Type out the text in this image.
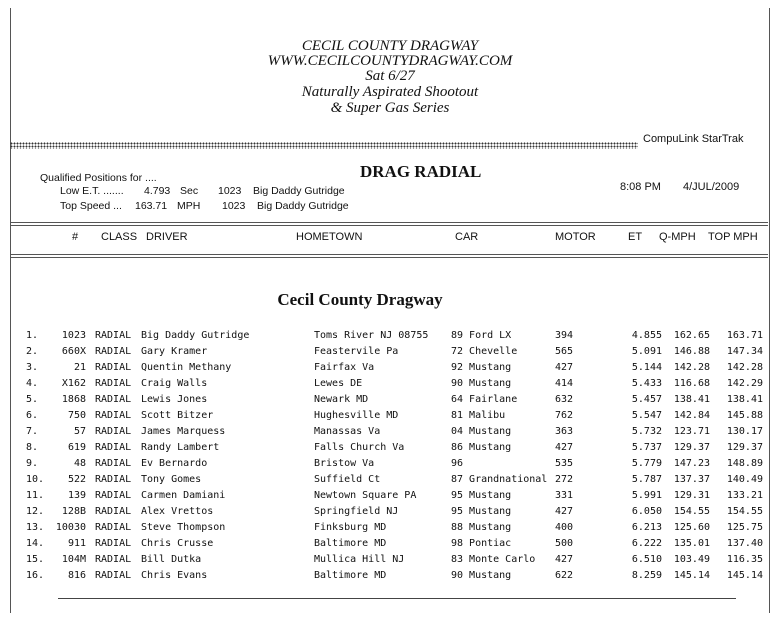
CECIL COUNTY DRAGWAY
WWW.CECILCOUNTYDRAGWAY.COM
Sat 6/27
Naturally Aspirated Shootout
& Super Gas Series
CompuLink StarTrak
Qualified Positions for ....
Low E.T. ....... 4.793 Sec 1023 Big Daddy Gutridge
Top Speed ... 163.71 MPH 1023 Big Daddy Gutridge
DRAG RADIAL
8:08 PM 4/JUL/2009
# CLASS DRIVER	HOMETOWN	CAR	MOTOR	ET Q-MPH TOP MPH
Cecil County Dragway
1.	1023 RADIAL Big Daddy Gutridge	Toms River NJ 08755 89 Ford LX	394	4.855	162.65	163.71
2.	660X RADIAL Gary Kramer	Feastervile Pa	72 Chevelle	565	5.091	146.88	147.34
3.	21 RADIAL Quentin Methany	Fairfax Va	92 Mustang	427	5.144	142.28	142.28
4.	X162 RADIAL Craig Walls	Lewes DE	90 Mustang	414	5.433	116.68	142.29
5.	1868 RADIAL Lewis Jones	Newark MD	64 Fairlane	632	5.457	138.41	138.41
6.	750 RADIAL Scott Bitzer	Hughesville MD	81 Malibu	762	5.547	142.84	145.88
7.	57 RADIAL James Marquess	Manassas Va	04 Mustang	363	5.732	123.71	130.17
8.	619 RADIAL Randy Lambert	Falls Church Va	86 Mustang	427	5.737	129.37	129.37
9.	48 RADIAL Ev Bernardo	Bristow Va	96	535	5.779	147.23	148.89
10.	522 RADIAL Tony Gomes	Suffield Ct	87 Grandnational 272	5.787	137.37	140.49
11.	139 RADIAL Carmen Damiani	Newtown Square PA	95 Mustang	331	5.991	129.31	133.21
12.	128B RADIAL Alex Vrettos	Springfield NJ	95 Mustang	427	6.050	154.55	154.55
13.	10030 RADIAL Steve Thompson	Finksburg MD	88 Mustang	400	6.213	125.60	125.75
14.	911 RADIAL Chris Crusse	Baltimore MD	98 Pontiac	500	6.222	135.01	137.40
15.	104M RADIAL Bill Dutka	Mullica Hill NJ	83 Monte Carlo 427	6.510	103.49	116.35
16.	816 RADIAL Chris Evans	Baltimore MD	90 Mustang	622	8.259	145.14	145.14
